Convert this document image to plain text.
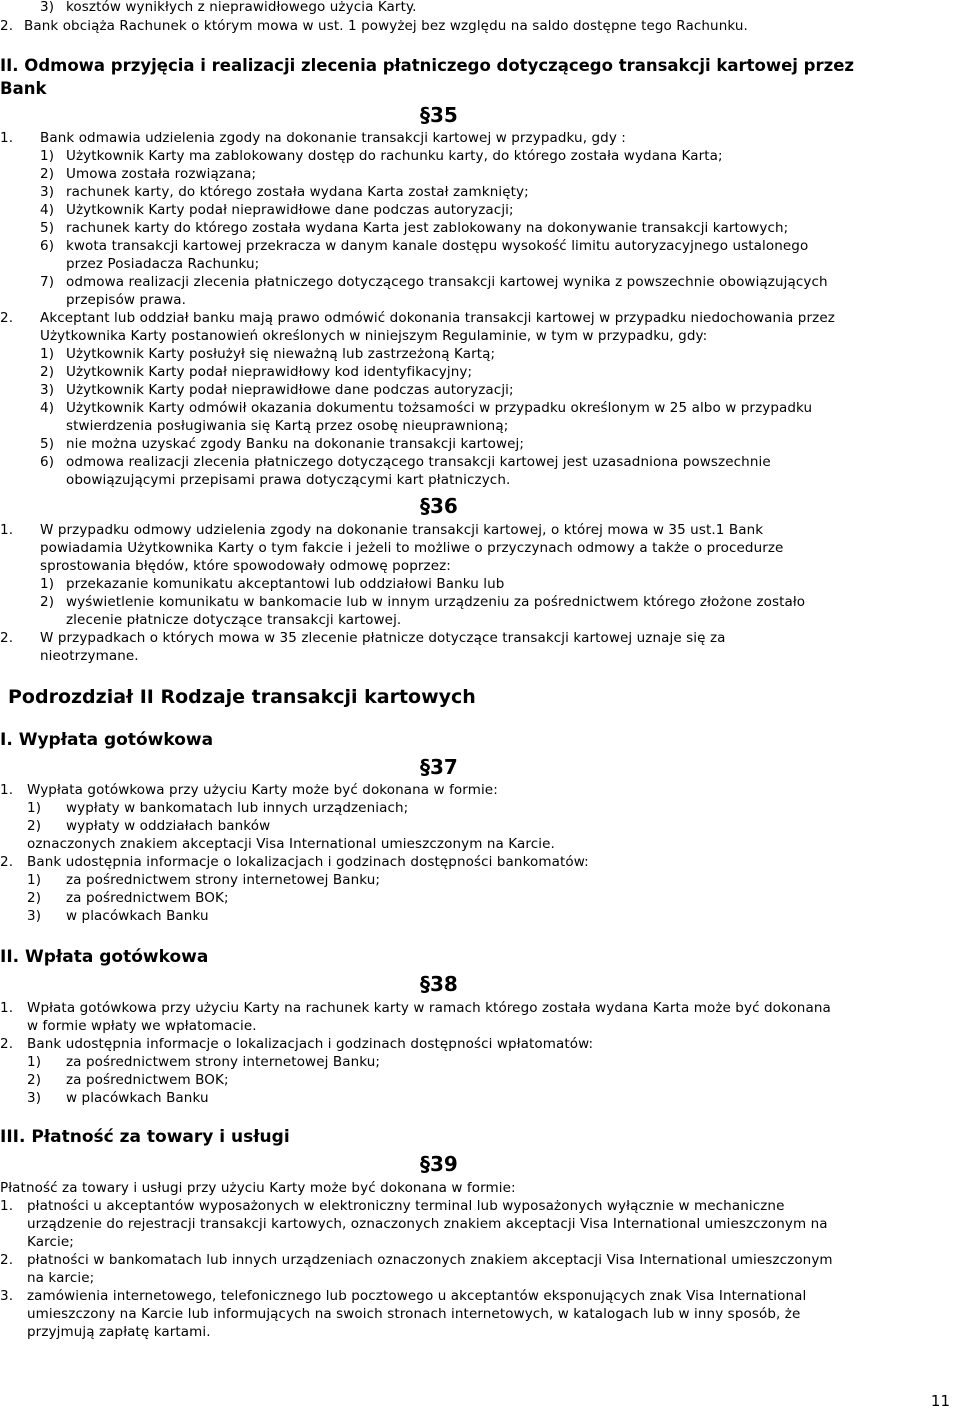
3) kosztów wynikłych z nieprawidłowego użycia Karty.
2. Bank obciąża Rachunek o którym mowa w ust. 1 powyżej bez względu na saldo dostępne tego Rachunku.
II. Odmowa przyjęcia i realizacji zlecenia płatniczego dotyczącego transakcji kartowej przez
Bank
§35
1. Bank odmawia udzielenia zgody na dokonanie transakcji kartowej w przypadku, gdy :
1) Użytkownik Karty ma zablokowany dostęp do rachunku karty, do którego została wydana Karta;
2) Umowa została rozwiązana;
3) rachunek karty, do którego została wydana Karta został zamknięty;
4) Użytkownik Karty podał nieprawidłowe dane podczas autoryzacji;
5) rachunek karty do którego została wydana Karta jest zablokowany na dokonywanie transakcji kartowych;
6) kwota transakcji kartowej przekracza w danym kanale dostępu wysokość limitu autoryzacyjnego ustalonego
przez Posiadacza Rachunku;
7) odmowa realizacji zlecenia płatniczego dotyczącego transakcji kartowej wynika z powszechnie obowiązujących
przepisów prawa.
2. Akceptant lub oddział banku mają prawo odmówić dokonania transakcji kartowej w przypadku niedochowania przez
Użytkownika Karty postanowień określonych w niniejszym Regulaminie, w tym w przypadku, gdy:
1) Użytkownik Karty posłużył się nieważną lub zastrzeżoną Kartą;
2) Użytkownik Karty podał nieprawidłowy kod identyfikacyjny;
3) Użytkownik Karty podał nieprawidłowe dane podczas autoryzacji;
4) Użytkownik Karty odmówił okazania dokumentu tożsamości w przypadku określonym w 25 albo w przypadku
stwierdzenia posługiwania się Kartą przez osobę nieuprawnioną;
5) nie można uzyskać zgody Banku na dokonanie transakcji kartowej;
6) odmowa realizacji zlecenia płatniczego dotyczącego transakcji kartowej jest uzasadniona powszechnie
obowiązującymi przepisami prawa dotyczącymi kart płatniczych.
§36
1. W przypadku odmowy udzielenia zgody na dokonanie transakcji kartowej, o której mowa w 35 ust.1 Bank
powiadamia Użytkownika Karty o tym fakcie i jeżeli to możliwe o przyczynach odmowy a także o procedurze
sprostowania błędów, które spowodowały odmowę poprzez:
1) przekazanie komunikatu akceptantowi lub oddziałowi Banku lub
2) wyświetlenie komunikatu w bankomacie lub w innym urządzeniu za pośrednictwem którego złożone zostało
zlecenie płatnicze dotyczące transakcji kartowej.
2. W przypadkach o których mowa w 35 zlecenie płatnicze dotyczące transakcji kartowej uznaje się za
nieotrzymane.
Podrozdział II Rodzaje transakcji kartowych
I. Wypłata gotówkowa
§37
1. Wypłata gotówkowa przy użyciu Karty może być dokonana w formie:
1) wypłaty w bankomatach lub innych urządzeniach;
2) wypłaty w oddziałach banków
oznaczonych znakiem akceptacji Visa International umieszczonym na Karcie.
2. Bank udostępnia informacje o lokalizacjach i godzinach dostępności bankomatów:
1) za pośrednictwem strony internetowej Banku;
2) za pośrednictwem BOK;
3) w placówkach Banku
II. Wpłata gotówkowa
§38
1. Wpłata gotówkowa przy użyciu Karty na rachunek karty w ramach którego została wydana Karta może być dokonana
w formie wpłaty we wpłatomacie.
2. Bank udostępnia informacje o lokalizacjach i godzinach dostępności wpłatomatów:
1) za pośrednictwem strony internetowej Banku;
2) za pośrednictwem BOK;
3) w placówkach Banku
III. Płatność za towary i usługi
§39
Płatność za towary i usługi przy użyciu Karty może być dokonana w formie:
1. płatności u akceptantów wyposażonych w elektroniczny terminal lub wyposażonych wyłącznie w mechaniczne
urządzenie do rejestracji transakcji kartowych, oznaczonych znakiem akceptacji Visa International umieszczonym na
Karcie;
2. płatności w bankomatach lub innych urządzeniach oznaczonych znakiem akceptacji Visa International umieszczonym
na karcie;
3. zamówienia internetowego, telefonicznego lub pocztowego u akceptantów eksponujących znak Visa International
umieszczony na Karcie lub informujących na swoich stronach internetowych, w katalogach lub w inny sposób, że
przyjmują zapłatę kartami.
11
